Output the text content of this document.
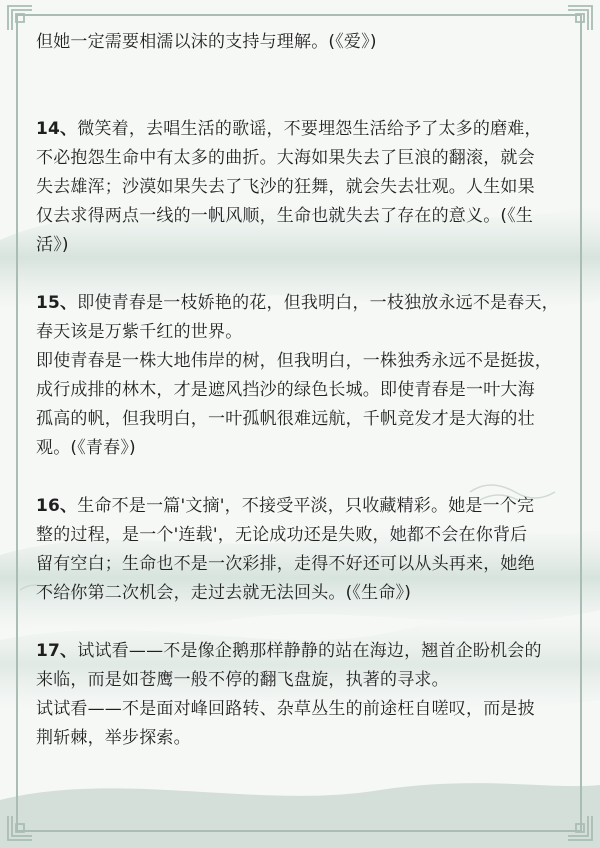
但她一定需要相濡以沫的支持与理解。(《爱》)
14、微笑着，去唱生活的歌谣，不要埋怨生活给予了太多的磨难，
不必抱怨生命中有太多的曲折。大海如果失去了巨浪的翻滚，就会
失去雄浑；沙漠如果失去了飞沙的狂舞，就会失去壮观。人生如果
仅去求得两点一线的一帆风顺，生命也就失去了存在的意义。(《生
活》)
15、即使青春是一枝娇艳的花，但我明白，一枝独放永远不是春天，
春天该是万紫千红的世界。
即使青春是一株大地伟岸的树，但我明白，一株独秀永远不是挺拔，
成行成排的林木，才是遮风挡沙的绿色长城。即使青春是一叶大海
孤高的帆，但我明白，一叶孤帆很难远航，千帆竞发才是大海的壮
观。(《青春》)
16、生命不是一篇'文摘'，不接受平淡，只收藏精彩。她是一个完
整的过程，是一个'连载'，无论成功还是失败，她都不会在你背后
留有空白；生命也不是一次彩排，走得不好还可以从头再来，她绝
不给你第二次机会，走过去就无法回头。(《生命》)
17、试试看——不是像企鹅那样静静的站在海边，翘首企盼机会的
来临，而是如苍鹰一般不停的翻飞盘旋，执著的寻求。
试试看——不是面对峰回路转、杂草丛生的前途枉自嗟叹，而是披
荆斩棘，举步探索。
